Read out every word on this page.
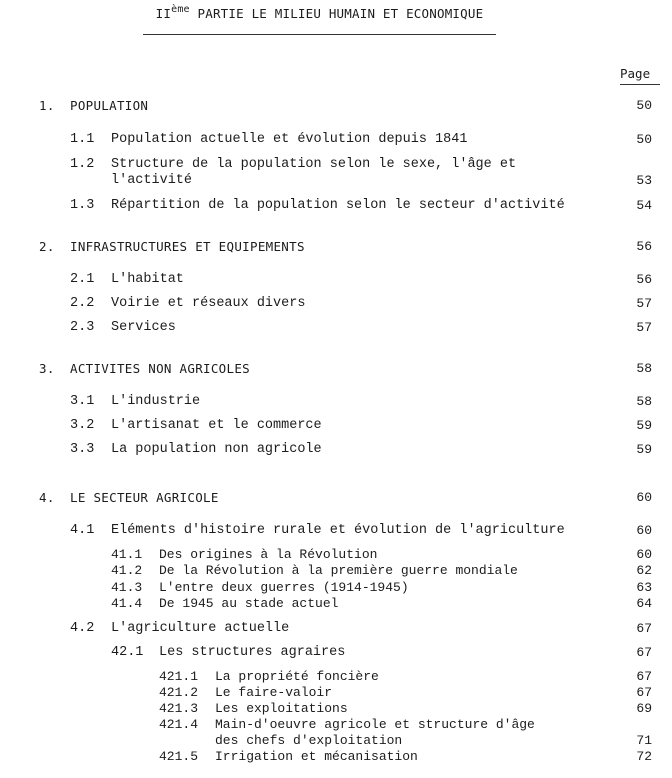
IIème PARTIE LE MILIEU HUMAIN ET ECONOMIQUE
Page
1. POPULATION	50
1.1 Population actuelle et évolution depuis 1841	50
1.2 Structure de la population selon le sexe, l'âge et
l'activité	53
1.3 Répartition de la population selon le secteur d'activité	54
2. INFRASTRUCTURES ET EQUIPEMENTS	56
2.1 L'habitat	56
2.2 Voirie et réseaux divers	57
2.3 Services	57
3. ACTIVITES NON AGRICOLES	58
3.1 L'industrie	58
3.2 L'artisanat et le commerce	59
3.3 La population non agricole	59
4. LE SECTEUR AGRICOLE	60
4.1 Eléments d'histoire rurale et évolution de l'agriculture	60
41.1 Des origines à la Révolution	60
41.2 De la Révolution à la première guerre mondiale	62
41.3 L'entre deux guerres (1914-1945)	63
41.4 De 1945 au stade actuel	64
4.2 L'agriculture actuelle	67
42.1 Les structures agraires	67
421.1 La propriété foncière	67
421.2 Le faire-valoir	67
421.3 Les exploitations	69
421.4 Main-d'oeuvre agricole et structure d'âge
des chefs d'exploitation	71
421.5 Irrigation et mécanisation	72
